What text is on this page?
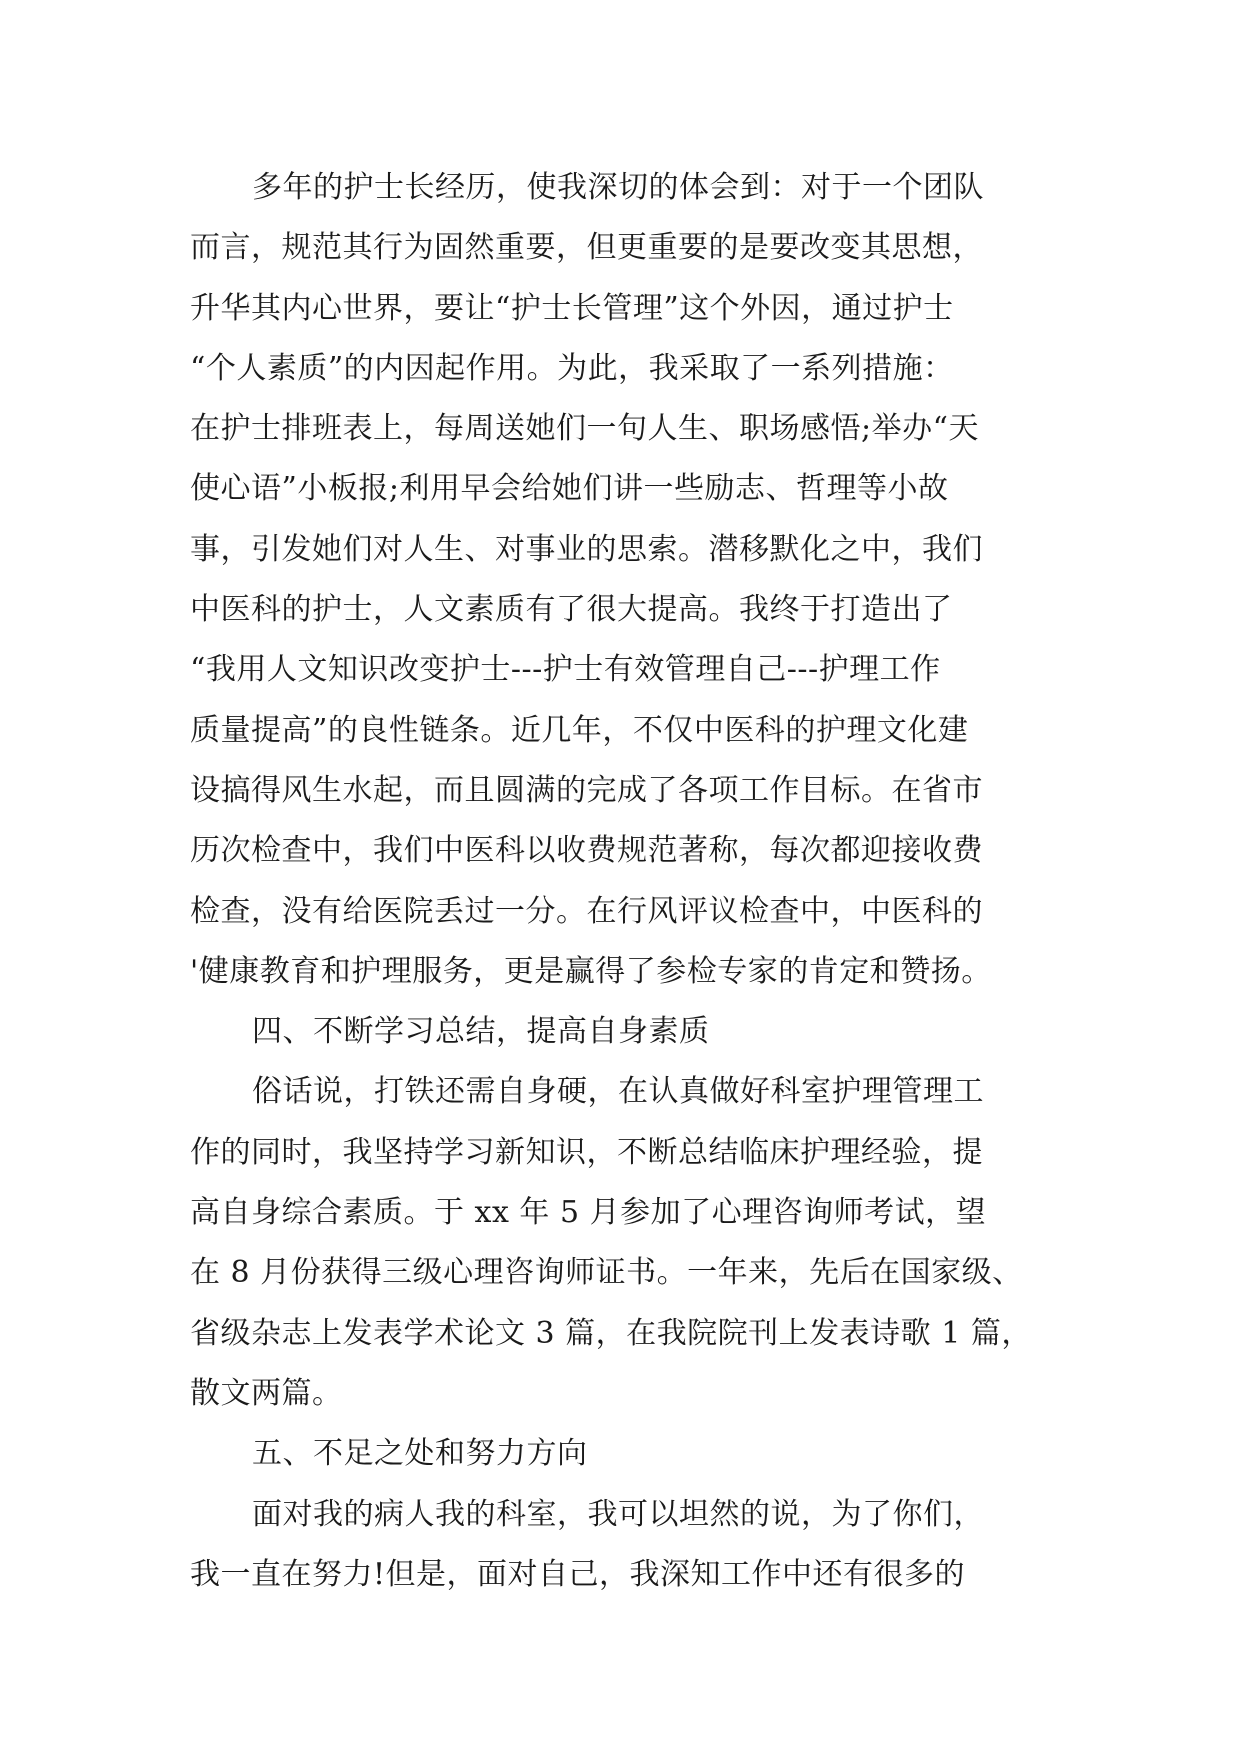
多年的护士长经历，使我深切的体会到：对于一个团队
而言，规范其行为固然重要，但更重要的是要改变其思想，
升华其内心世界，要让“护士长管理”这个外因，通过护士
“个人素质”的内因起作用。为此，我采取了一系列措施：
在护士排班表上，每周送她们一句人生、职场感悟;举办“天
使心语”小板报;利用早会给她们讲一些励志、哲理等小故
事，引发她们对人生、对事业的思索。潜移默化之中，我们
中医科的护士，人文素质有了很大提高。我终于打造出了
“我用人文知识改变护士---护士有效管理自己---护理工作
质量提高”的良性链条。近几年，不仅中医科的护理文化建
设搞得风生水起，而且圆满的完成了各项工作目标。在省市
历次检查中，我们中医科以收费规范著称，每次都迎接收费
检查，没有给医院丢过一分。在行风评议检查中，中医科的
'健康教育和护理服务，更是赢得了参检专家的肯定和赞扬。
四、不断学习总结，提高自身素质
俗话说，打铁还需自身硬，在认真做好科室护理管理工
作的同时，我坚持学习新知识，不断总结临床护理经验，提
高自身综合素质。于 xx 年 5 月参加了心理咨询师考试，望
在 8 月份获得三级心理咨询师证书。一年来，先后在国家级、
省级杂志上发表学术论文 3 篇，在我院院刊上发表诗歌 1 篇，
散文两篇。
五、不足之处和努力方向
面对我的病人我的科室，我可以坦然的说，为了你们，
我一直在努力!但是，面对自己，我深知工作中还有很多的
